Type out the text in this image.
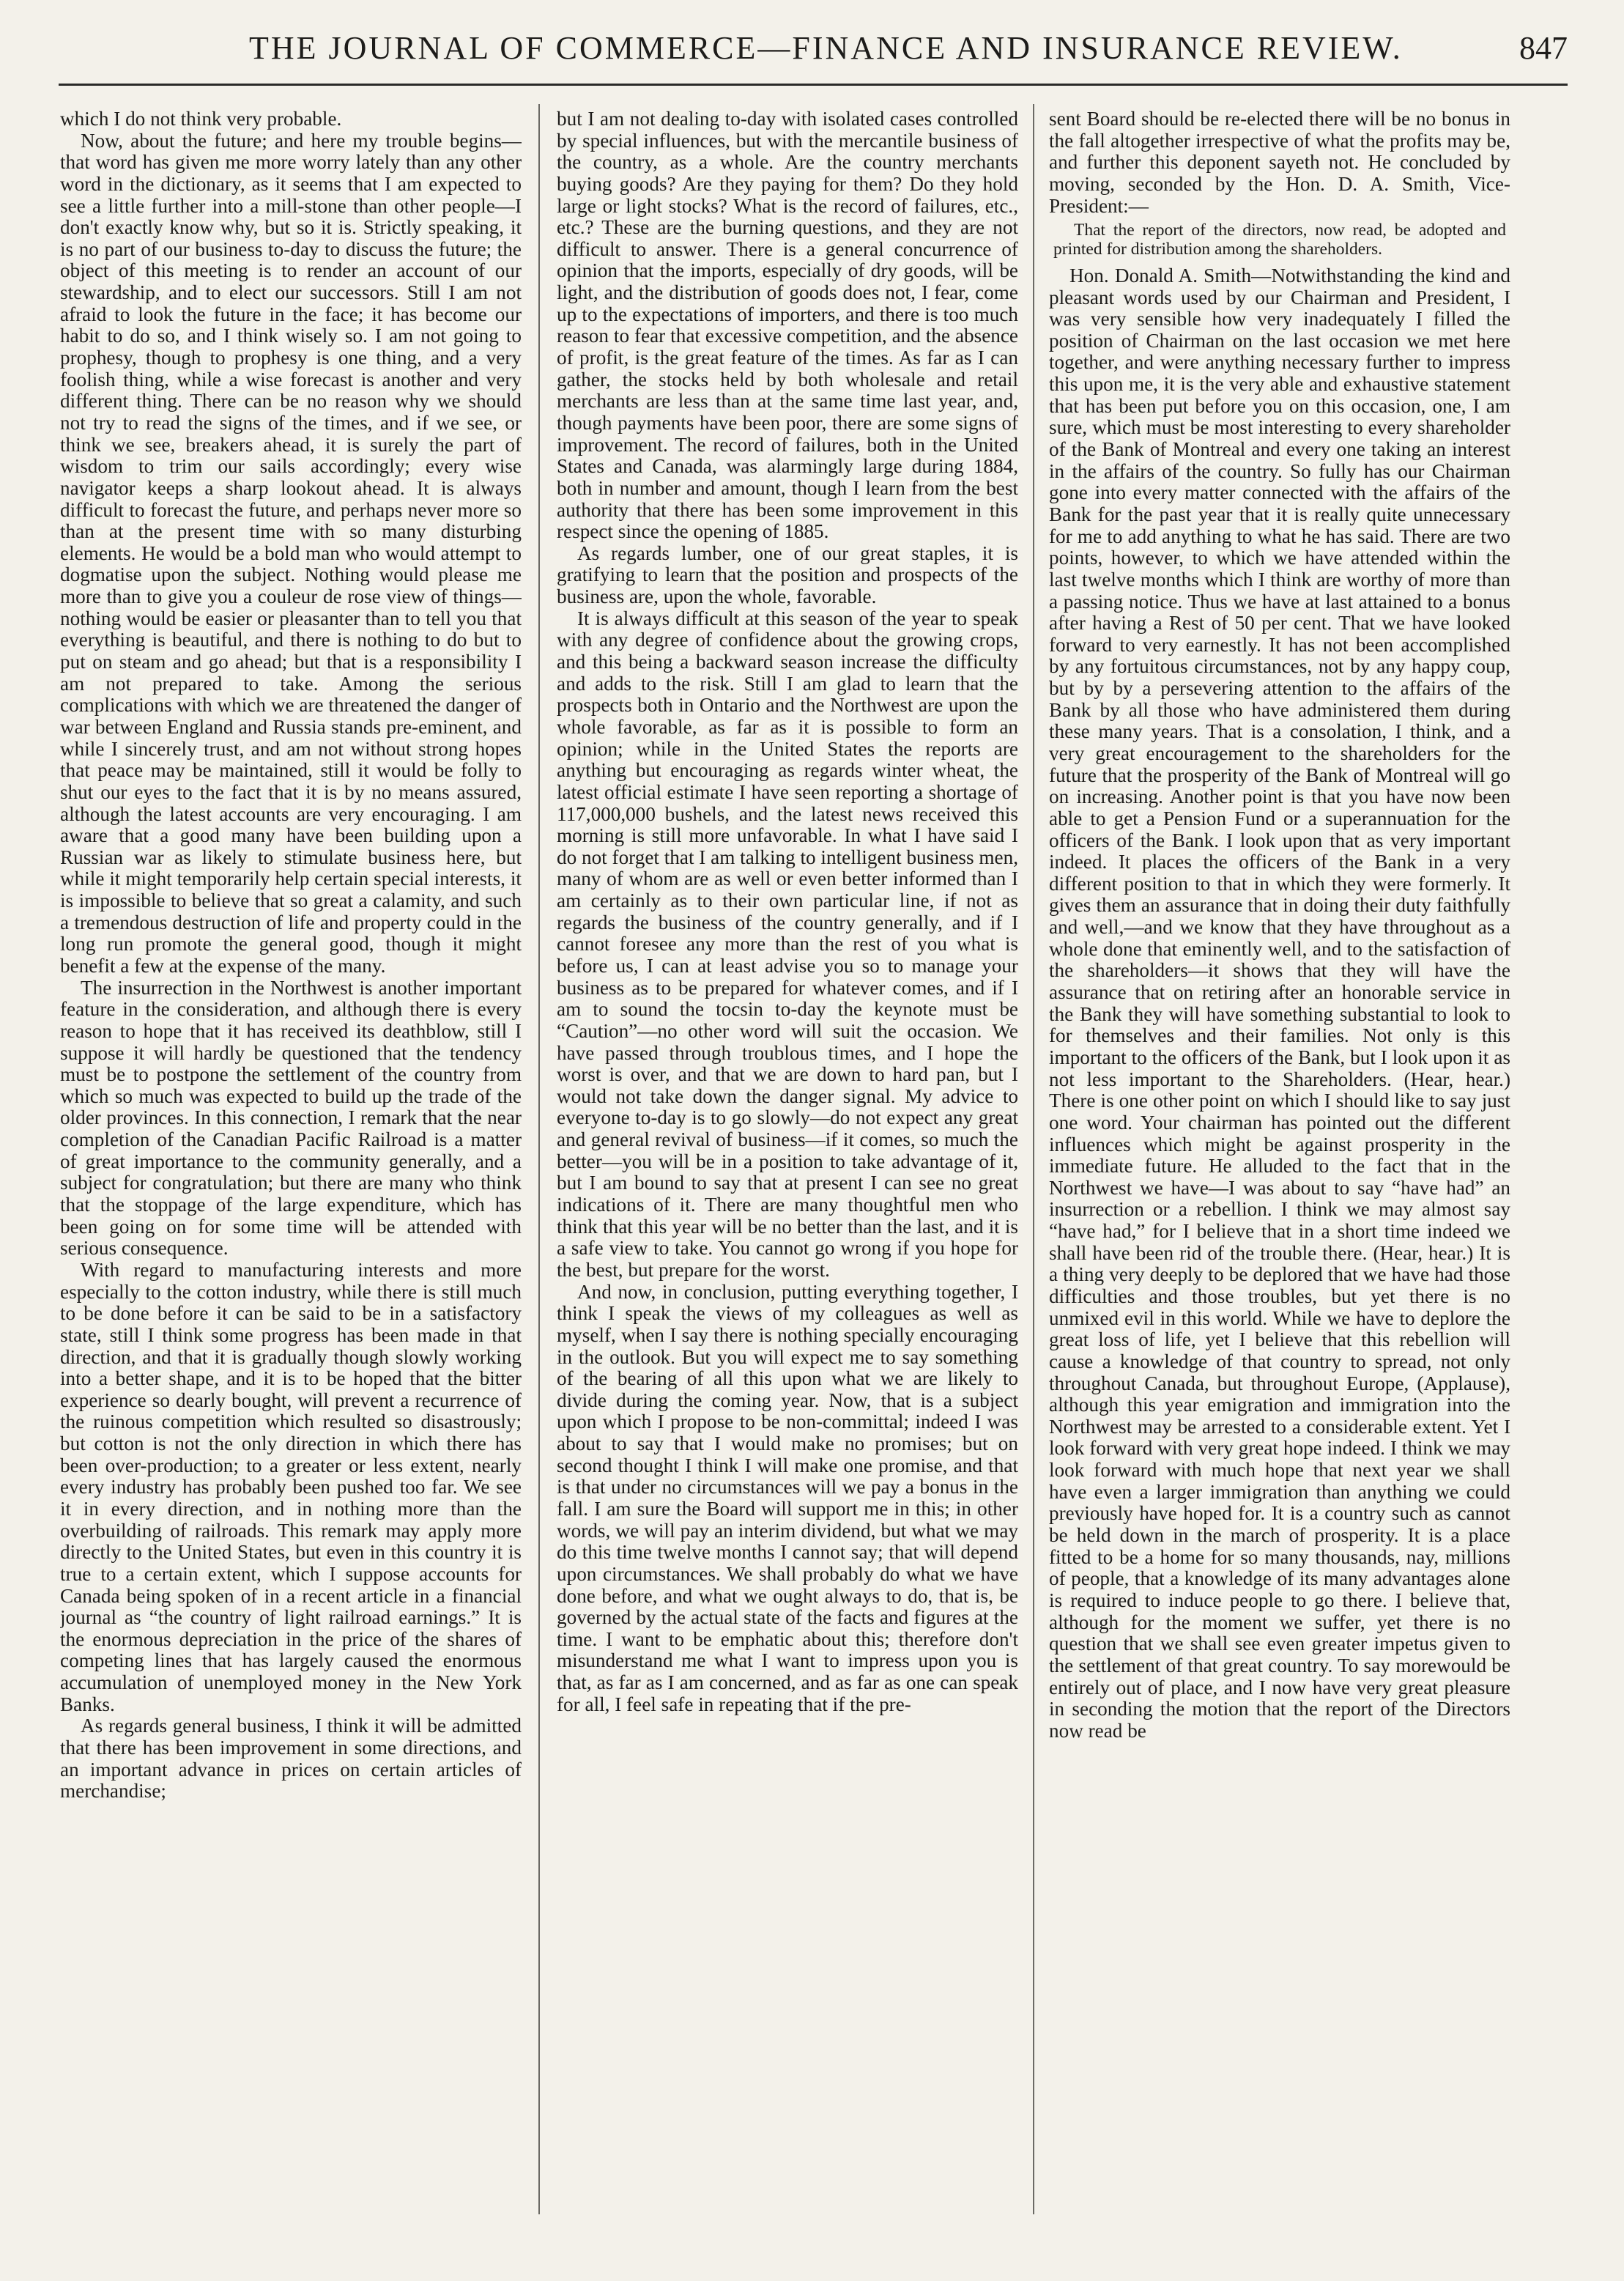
THE JOURNAL OF COMMERCE—FINANCE AND INSURANCE REVIEW.	847

which I do not think very probable.

Now, about the future; and here my trouble begins—that word has given me more worry lately than any other word in the dictionary, as it seems that I am expected to see a little further into a mill-stone than other people—I don't exactly know why, but so it is. Strictly speaking, it is no part of our business to-day to discuss the future; the object of this meeting is to render an account of our stewardship, and to elect our successors. Still I am not afraid to look the future in the face; it has become our habit to do so, and I think wisely so. I am not going to prophesy, though to prophesy is one thing, and a very foolish thing, while a wise forecast is another and very different thing. There can be no reason why we should not try to read the signs of the times, and if we see, or think we see, breakers ahead, it is surely the part of wisdom to trim our sails accordingly; every wise navigator keeps a sharp lookout ahead. It is always difficult to forecast the future, and perhaps never more so than at the present time with so many disturbing elements. He would be a bold man who would attempt to dogmatise upon the subject. Nothing would please me more than to give you a couleur de rose view of things—nothing would be easier or pleasanter than to tell you that everything is beautiful, and there is nothing to do but to put on steam and go ahead; but that is a responsibility I am not prepared to take. Among the serious complications with which we are threatened the danger of war between England and Russia stands pre-eminent, and while I sincerely trust, and am not without strong hopes that peace may be maintained, still it would be folly to shut our eyes to the fact that it is by no means assured, although the latest accounts are very encouraging. I am aware that a good many have been building upon a Russian war as likely to stimulate business here, but while it might temporarily help certain special interests, it is impossible to believe that so great a calamity, and such a tremendous destruction of life and property could in the long run promote the general good, though it might benefit a few at the expense of the many.

The insurrection in the Northwest is another important feature in the consideration, and although there is every reason to hope that it has received its deathblow, still I suppose it will hardly be questioned that the tendency must be to postpone the settlement of the country from which so much was expected to build up the trade of the older provinces. In this connection, I remark that the near completion of the Canadian Pacific Railroad is a matter of great importance to the community generally, and a subject for congratulation; but there are many who think that the stoppage of the large expenditure, which has been going on for some time will be attended with serious consequence.

With regard to manufacturing interests and more especially to the cotton industry, while there is still much to be done before it can be said to be in a satisfactory state, still I think some progress has been made in that direction, and that it is gradually though slowly working into a better shape, and it is to be hoped that the bitter experience so dearly bought, will prevent a recurrence of the ruinous competition which resulted so disastrously; but cotton is not the only direction in which there has been over-production; to a greater or less extent, nearly every industry has probably been pushed too far. We see it in every direction, and in nothing more than the overbuilding of railroads. This remark may apply more directly to the United States, but even in this country it is true to a certain extent, which I suppose accounts for Canada being spoken of in a recent article in a financial journal as “the country of light railroad earnings.” It is the enormous depreciation in the price of the shares of competing lines that has largely caused the enormous accumulation of unemployed money in the New York Banks.

As regards general business, I think it will be admitted that there has been improvement in some directions, and an important advance in prices on certain articles of merchandise;

but I am not dealing to-day with isolated cases controlled by special influences, but with the mercantile business of the country, as a whole. Are the country merchants buying goods? Are they paying for them? Do they hold large or light stocks? What is the record of failures, etc., etc.? These are the burning questions, and they are not difficult to answer. There is a general concurrence of opinion that the imports, especially of dry goods, will be light, and the distribution of goods does not, I fear, come up to the expectations of importers, and there is too much reason to fear that excessive competition, and the absence of profit, is the great feature of the times. As far as I can gather, the stocks held by both wholesale and retail merchants are less than at the same time last year, and, though payments have been poor, there are some signs of improvement. The record of failures, both in the United States and Canada, was alarmingly large during 1884, both in number and amount, though I learn from the best authority that there has been some improvement in this respect since the opening of 1885.

As regards lumber, one of our great staples, it is gratifying to learn that the position and prospects of the business are, upon the whole, favorable.

It is always difficult at this season of the year to speak with any degree of confidence about the growing crops, and this being a backward season increase the difficulty and adds to the risk. Still I am glad to learn that the prospects both in Ontario and the Northwest are upon the whole favorable, as far as it is possible to form an opinion; while in the United States the reports are anything but encouraging as regards winter wheat, the latest official estimate I have seen reporting a shortage of 117,000,000 bushels, and the latest news received this morning is still more unfavorable. In what I have said I do not forget that I am talking to intelligent business men, many of whom are as well or even better informed than I am certainly as to their own particular line, if not as regards the business of the country generally, and if I cannot foresee any more than the rest of you what is before us, I can at least advise you so to manage your business as to be prepared for whatever comes, and if I am to sound the tocsin to-day the keynote must be “Caution”—no other word will suit the occasion. We have passed through troublous times, and I hope the worst is over, and that we are down to hard pan, but I would not take down the danger signal. My advice to everyone to-day is to go slowly—do not expect any great and general revival of business—if it comes, so much the better—you will be in a position to take advantage of it, but I am bound to say that at present I can see no great indications of it. There are many thoughtful men who think that this year will be no better than the last, and it is a safe view to take. You cannot go wrong if you hope for the best, but prepare for the worst.

And now, in conclusion, putting everything together, I think I speak the views of my colleagues as well as myself, when I say there is nothing specially encouraging in the outlook. But you will expect me to say something of the bearing of all this upon what we are likely to divide during the coming year. Now, that is a subject upon which I propose to be non-committal; indeed I was about to say that I would make no promises; but on second thought I think I will make one promise, and that is that under no circumstances will we pay a bonus in the fall. I am sure the Board will support me in this; in other words, we will pay an interim dividend, but what we may do this time twelve months I cannot say; that will depend upon circumstances. We shall probably do what we have done before, and what we ought always to do, that is, be governed by the actual state of the facts and figures at the time. I want to be emphatic about this; therefore don't misunderstand me what I want to impress upon you is that, as far as I am concerned, and as far as one can speak for all, I feel safe in repeating that if the pre-

sent Board should be re-elected there will be no bonus in the fall altogether irrespective of what the profits may be, and further this deponent sayeth not. He concluded by moving, seconded by the Hon. D. A. Smith, Vice-President:—

That the report of the directors, now read, be adopted and printed for distribution among the shareholders.

Hon. Donald A. Smith—Notwithstanding the kind and pleasant words used by our Chairman and President, I was very sensible how very inadequately I filled the position of Chairman on the last occasion we met here together, and were anything necessary further to impress this upon me, it is the very able and exhaustive statement that has been put before you on this occasion, one, I am sure, which must be most interesting to every shareholder of the Bank of Montreal and every one taking an interest in the affairs of the country. So fully has our Chairman gone into every matter connected with the affairs of the Bank for the past year that it is really quite unnecessary for me to add anything to what he has said. There are two points, however, to which we have attended within the last twelve months which I think are worthy of more than a passing notice. Thus we have at last attained to a bonus after having a Rest of 50 per cent. That we have looked forward to very earnestly. It has not been accomplished by any fortuitous circumstances, not by any happy coup, but by by a persevering attention to the affairs of the Bank by all those who have administered them during these many years. That is a consolation, I think, and a very great encouragement to the shareholders for the future that the prosperity of the Bank of Montreal will go on increasing. Another point is that you have now been able to get a Pension Fund or a superannuation for the officers of the Bank. I look upon that as very important indeed. It places the officers of the Bank in a very different position to that in which they were formerly. It gives them an assurance that in doing their duty faithfully and well,—and we know that they have throughout as a whole done that eminently well, and to the satisfaction of the shareholders—it shows that they will have the assurance that on retiring after an honorable service in the Bank they will have something substantial to look to for themselves and their families. Not only is this important to the officers of the Bank, but I look upon it as not less important to the Shareholders. (Hear, hear.) There is one other point on which I should like to say just one word. Your chairman has pointed out the different influences which might be against prosperity in the immediate future. He alluded to the fact that in the Northwest we have—I was about to say “have had” an insurrection or a rebellion. I think we may almost say “have had,” for I believe that in a short time indeed we shall have been rid of the trouble there. (Hear, hear.) It is a thing very deeply to be deplored that we have had those difficulties and those troubles, but yet there is no unmixed evil in this world. While we have to deplore the great loss of life, yet I believe that this rebellion will cause a knowledge of that country to spread, not only throughout Canada, but throughout Europe, (Applause), although this year emigration and immigration into the Northwest may be arrested to a considerable extent. Yet I look forward with very great hope indeed. I think we may look forward with much hope that next year we shall have even a larger immigration than anything we could previously have hoped for. It is a country such as cannot be held down in the march of prosperity. It is a place fitted to be a home for so many thousands, nay, millions of people, that a knowledge of its many advantages alone is required to induce people to go there. I believe that, although for the moment we suffer, yet there is no question that we shall see even greater impetus given to the settlement of that great country. To say morewould be entirely out of place, and I now have very great pleasure in seconding the motion that the report of the Directors now read be
